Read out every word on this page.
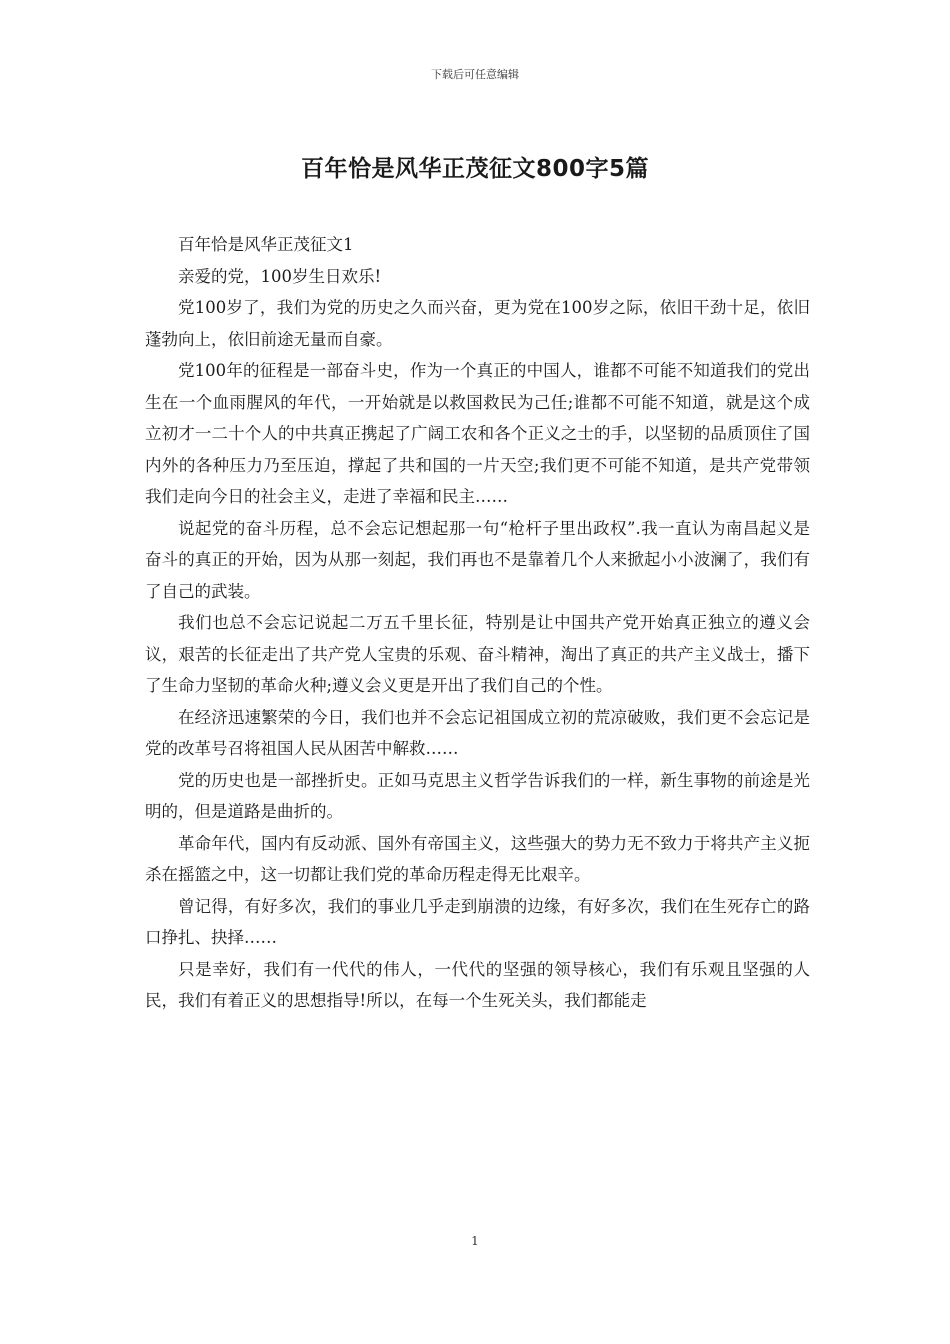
下载后可任意编辑
百年恰是风华正茂征文800字5篇

百年恰是风华正茂征文1

亲爱的党，100岁生日欢乐!

党100岁了，我们为党的历史之久而兴奋，更为党在100岁之际，依旧干劲十足，依旧蓬勃向上，依旧前途无量而自豪。

党100年的征程是一部奋斗史，作为一个真正的中国人，谁都不可能不知道我们的党出生在一个血雨腥风的年代，一开始就是以救国救民为己任;谁都不可能不知道，就是这个成立初才一二十个人的中共真正携起了广阔工农和各个正义之士的手，以坚韧的品质顶住了国内外的各种压力乃至压迫，撑起了共和国的一片天空;我们更不可能不知道，是共产党带领我们走向今日的社会主义，走进了幸福和民主……

说起党的奋斗历程，总不会忘记想起那一句“枪杆子里出政权”.我一直认为南昌起义是奋斗的真正的开始，因为从那一刻起，我们再也不是靠着几个人来掀起小小波澜了，我们有了自己的武装。

我们也总不会忘记说起二万五千里长征，特别是让中国共产党开始真正独立的遵义会议，艰苦的长征走出了共产党人宝贵的乐观、奋斗精神，淘出了真正的共产主义战士，播下了生命力坚韧的革命火种;遵义会义更是开出了我们自己的个性。

在经济迅速繁荣的今日，我们也并不会忘记祖国成立初的荒凉破败，我们更不会忘记是党的改革号召将祖国人民从困苦中解救……

党的历史也是一部挫折史。正如马克思主义哲学告诉我们的一样，新生事物的前途是光明的，但是道路是曲折的。

革命年代，国内有反动派、国外有帝国主义，这些强大的势力无不致力于将共产主义扼杀在摇篮之中，这一切都让我们党的革命历程走得无比艰辛。

曾记得，有好多次，我们的事业几乎走到崩溃的边缘，有好多次，我们在生死存亡的路口挣扎、抉择……

只是幸好，我们有一代代的伟人，一代代的坚强的领导核心，我们有乐观且坚强的人民，我们有着正义的思想指导!所以，在每一个生死关头，我们都能走

1
